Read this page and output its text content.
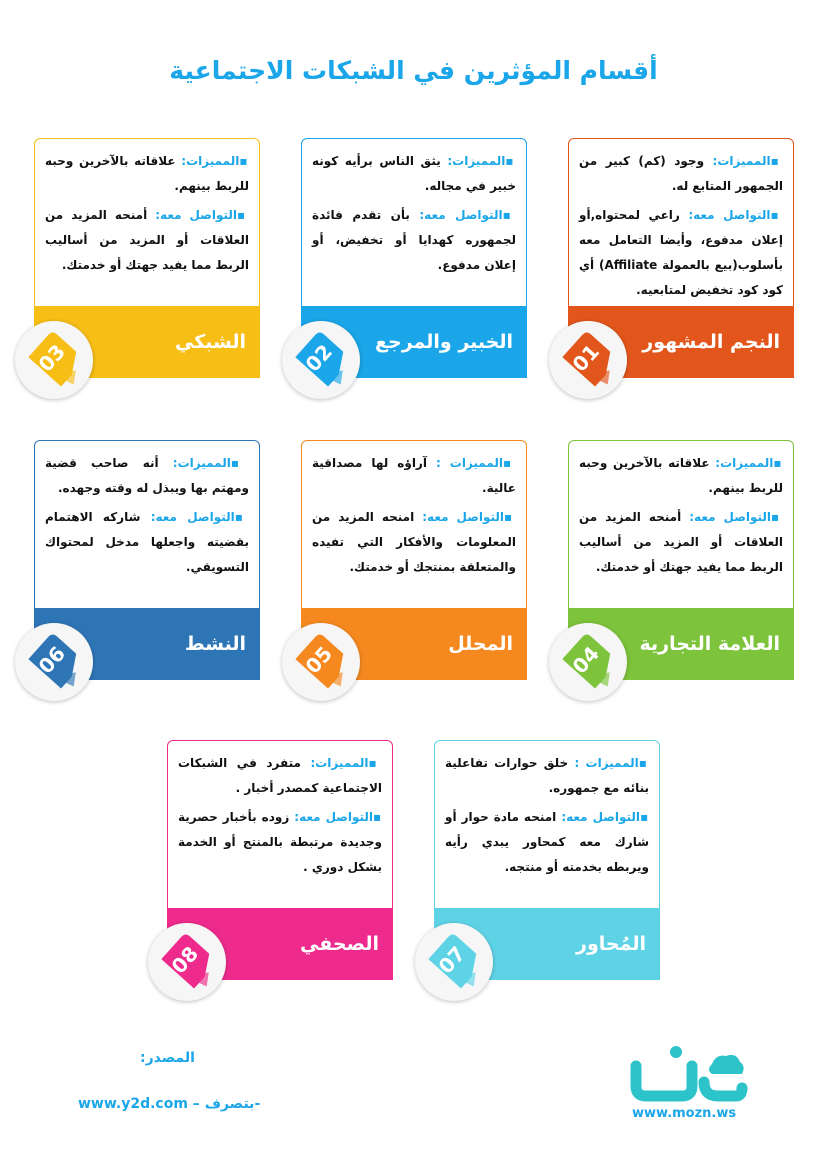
أقسام المؤثرين في الشبكات الاجتماعية

▪المميزات: وجود (كم) كبير من الجمهور المتابع له.

▪التواصل معه: راعي لمحتواه,أو إعلان مدفوع، وأيضا التعامل معه بأسلوب(بيع بالعمولة Affiliate) أي كود كود تخفيض لمتابعيه.

النجم المشهور
01

▪المميزات: يثق الناس برأيه كونه خبير في مجاله.

▪التواصل معه: بأن تقدم فائدة لجمهوره كهدايا أو تخفيض، أو إعلان مدفوع.

الخبير والمرجع
02

▪المميزات: علاقاته بالآخرين وحبه للربط بينهم.

▪التواصل معه: أمنحه المزيد من العلاقات أو المزيد من أساليب الربط مما يفيد جهتك أو خدمتك.

الشبكي
03

▪المميزات: علاقاته بالآخرين وحبه للربط بينهم.

▪التواصل معه: أمنحه المزيد من العلاقات أو المزيد من أساليب الربط مما يفيد جهتك أو خدمتك.

العلامة التجارية
04

▪المميزات : آراؤه لها مصداقية عالية.

▪التواصل معه: امنحه المزيد من المعلومات والأفكار التي تفيده والمتعلقة بمنتجك أو خدمتك.

المحلل
05

▪المميزات: أنه صاحب قضية ومهتم بها ويبذل له وقته وجهده.

▪التواصل معه: شاركه الاهتمام بقضيته واجعلها مدخل لمحتواك التسويقي.

النشط
06

▪المميزات : خلق حوارات تفاعلية بنائه مع جمهوره.

▪التواصل معه: امنحه مادة حوار أو شارك معه كمحاور يبدي رأيه ويربطه بخدمته أو منتجه.

المُحاور
07

▪المميزات: متفرد في الشبكات الاجتماعية كمصدر أخبار .

▪التواصل معه: زوده بأخبار حصرية وجديدة مرتبطة بالمنتج أو الخدمة بشكل دوري .

الصحفي
08
المصدر:
www.y2d.com – بتصرف-
www.mozn.ws
